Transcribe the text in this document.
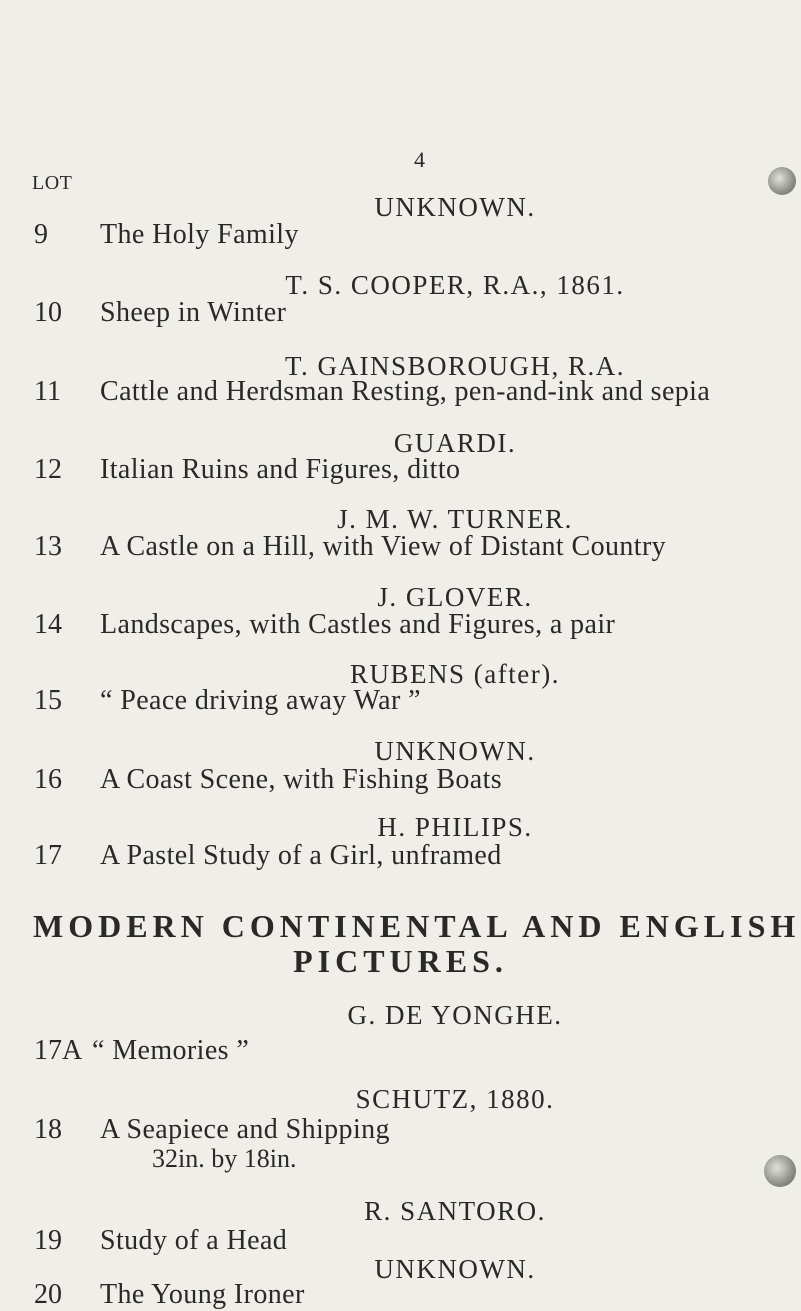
4
LOT
UNKNOWN.
9 The Holy Family
T. S. COOPER, R.A., 1861.
10 Sheep in Winter
T. GAINSBOROUGH, R.A.
11 Cattle and Herdsman Resting, pen-and-ink and sepia
GUARDI.
12 Italian Ruins and Figures, ditto
J. M. W. TURNER.
13 A Castle on a Hill, with View of Distant Country
J. GLOVER.
14 Landscapes, with Castles and Figures, a pair
RUBENS (after).
15 “ Peace driving away War ”
UNKNOWN.
16 A Coast Scene, with Fishing Boats
H. PHILIPS.
17 A Pastel Study of a Girl, unframed
MODERN CONTINENTAL AND ENGLISH
PICTURES.
G. DE YONGHE.
17A “ Memories ”
SCHUTZ, 1880.
18 A Seapiece and Shipping
32in. by 18in.
R. SANTORO.
19 Study of a Head
UNKNOWN.
20 The Young Ironer
